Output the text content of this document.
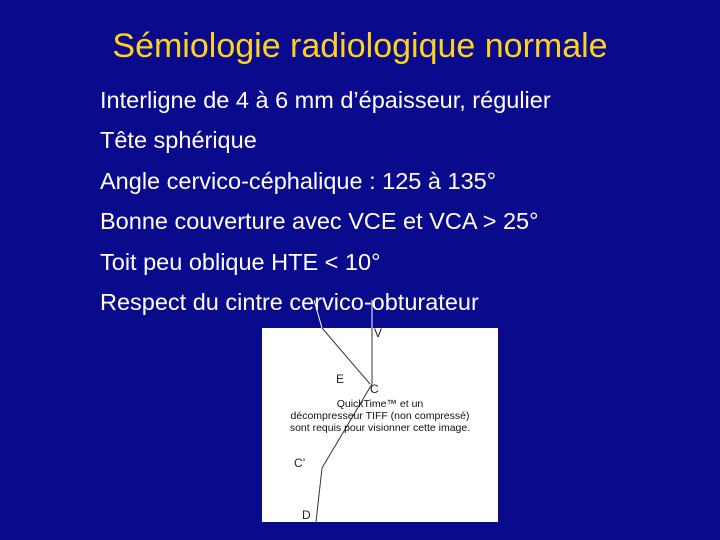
Sémiologie radiologique normale
Interligne de 4 à 6 mm d’épaisseur, régulier
Tête sphérique
Angle cervico-céphalique : 125 à 135°
Bonne couverture avec VCE et VCA > 25°
Toit peu oblique HTE < 10°
Respect du cintre cervico-obturateur
V
E
C
C’
D
QuickTime™ et un
décompresseur TIFF (non compressé)
sont requis pour visionner cette image.
